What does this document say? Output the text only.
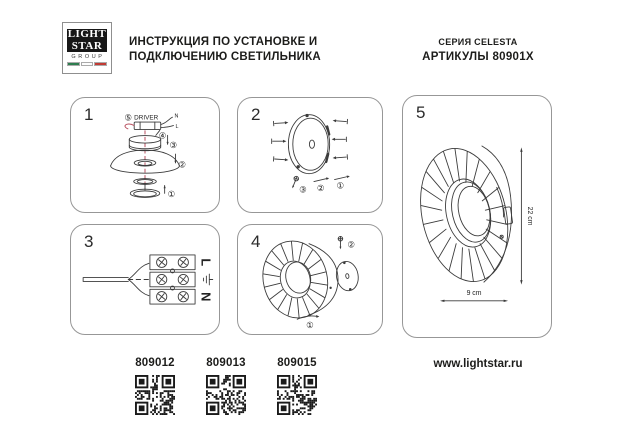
LIGHT
STAR
GROUP
ИНСТРУКЦИЯ ПО УСТАНОВКЕ И
ПОДКЛЮЧЕНИЮ СВЕТИЛЬНИКА
СЕРИЯ CELESTA
АРТИКУЛЫ 80901X
⑤ DRIVER	N
L
④
③
②
①
1
③ ② ①
2
L
N
3	②
①
4
22 cm
9 cm
5
809012	809013	809015	www.lightstar.ru
